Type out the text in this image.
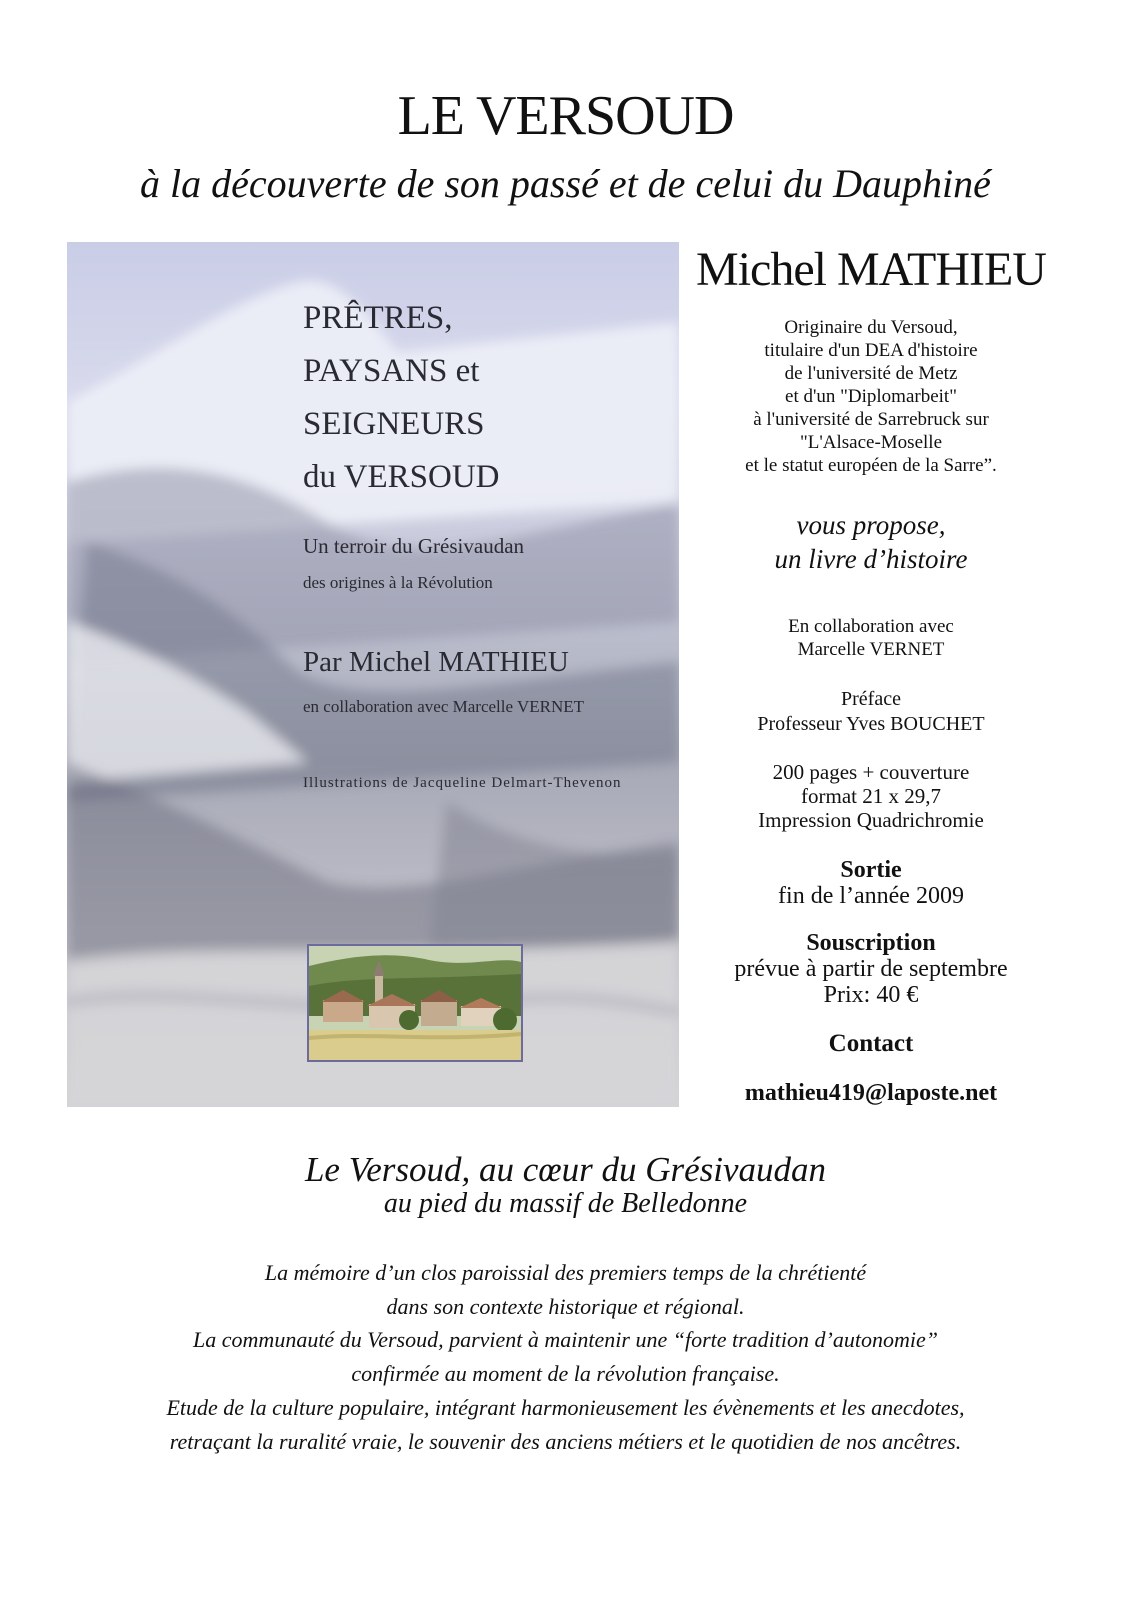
LE VERSOUD
à la découverte de son passé et de celui du Dauphiné
PRÊTRES,
PAYSANS et
SEIGNEURS
du VERSOUD
Un terroir du Grésivaudan
des origines à la Révolution
Par Michel MATHIEU
en collaboration avec Marcelle VERNET
Illustrations de Jacqueline Delmart-Thevenon
Michel MATHIEU
Originaire du Versoud,
titulaire d'un DEA d'histoire
de l'université de Metz
et d'un "Diplomarbeit"
à l'université de Sarrebruck sur
"L'Alsace-Moselle
et le statut européen de la Sarre”.
vous propose,
un livre d’histoire
En collaboration avec
Marcelle VERNET
Préface
Professeur Yves BOUCHET
200 pages + couverture
format 21 x 29,7
Impression Quadrichromie
Sortie
fin de l’année 2009
Souscription
prévue à partir de septembre
Prix: 40 €
Contact
mathieu419@laposte.net
Le Versoud, au cœur du Grésivaudan
au pied du massif de Belledonne
La mémoire d’un clos paroissial des premiers temps de la chrétienté
dans son contexte historique et régional.
La communauté du Versoud, parvient à maintenir une “forte tradition d’autonomie”
confirmée au moment de la révolution française.
Etude de la culture populaire, intégrant harmonieusement les évènements et les anecdotes,
retraçant la ruralité vraie, le souvenir des anciens métiers et le quotidien de nos ancêtres.
